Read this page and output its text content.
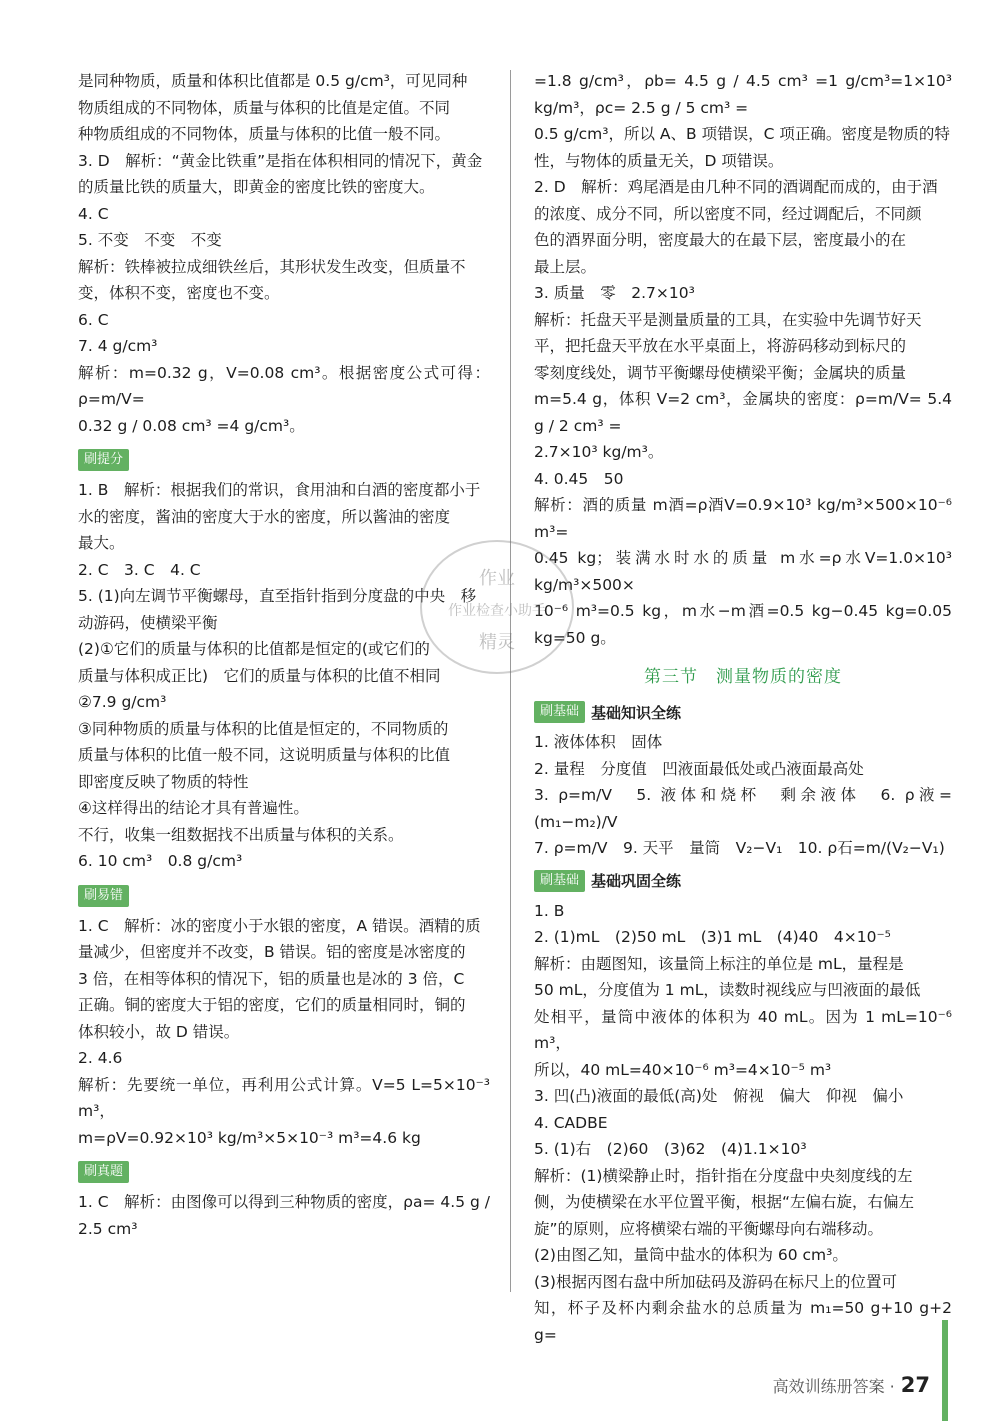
是同种物质，质量和体积比值都是 0.5 g/cm³，可见同种

物质组成的不同物体，质量与体积的比值是定值。不同

种物质组成的不同物体，质量与体积的比值一般不同。

3. D　解析：“黄金比铁重”是指在体积相同的情况下，黄金

的质量比铁的质量大，即黄金的密度比铁的密度大。

4. C

5. 不变　不变　不变

解析：铁棒被拉成细铁丝后，其形状发生改变，但质量不

变，体积不变，密度也不变。

6. C

7. 4 g/cm³

解析：m=0.32 g，V=0.08 cm³。根据密度公式可得：ρ=m/V=

0.32 g / 0.08 cm³ =4 g/cm³。

刷提分

1. B　解析：根据我们的常识，食用油和白酒的密度都小于

水的密度，酱油的密度大于水的密度，所以酱油的密度

最大。

2. C　3. C　4. C

5. (1)向左调节平衡螺母，直至指针指到分度盘的中央　移

动游码，使横梁平衡

(2)①它们的质量与体积的比值都是恒定的(或它们的

质量与体积成正比)　它们的质量与体积的比值不相同

②7.9 g/cm³

③同种物质的质量与体积的比值是恒定的，不同物质的

质量与体积的比值一般不同，这说明质量与体积的比值

即密度反映了物质的特性

④这样得出的结论才具有普遍性。

不行，收集一组数据找不出质量与体积的关系。

6. 10 cm³　0.8 g/cm³

刷易错

1. C　解析：冰的密度小于水银的密度，A 错误。酒精的质

量减少，但密度并不改变，B 错误。铝的密度是冰密度的

3 倍，在相等体积的情况下，铝的质量也是冰的 3 倍，C

正确。铜的密度大于铝的密度，它们的质量相同时，铜的

体积较小，故 D 错误。

2. 4.6

解析：先要统一单位，再利用公式计算。V=5 L=5×10⁻³ m³，

m=ρV=0.92×10³ kg/m³×5×10⁻³ m³=4.6 kg

刷真题

1. C　解析：由图像可以得到三种物质的密度，ρa= 4.5 g / 2.5 cm³

=1.8 g/cm³，ρb= 4.5 g / 4.5 cm³ =1 g/cm³=1×10³ kg/m³，ρc= 2.5 g / 5 cm³ =

0.5 g/cm³，所以 A、B 项错误，C 项正确。密度是物质的特

性，与物体的质量无关，D 项错误。

2. D　解析：鸡尾酒是由几种不同的酒调配而成的，由于酒

的浓度、成分不同，所以密度不同，经过调配后，不同颜

色的酒界面分明，密度最大的在最下层，密度最小的在

最上层。

3. 质量　零　2.7×10³

解析：托盘天平是测量质量的工具，在实验中先调节好天

平，把托盘天平放在水平桌面上，将游码移动到标尺的

零刻度线处，调节平衡螺母使横梁平衡；金属块的质量

m=5.4 g，体积 V=2 cm³，金属块的密度：ρ=m/V= 5.4 g / 2 cm³ =

2.7×10³ kg/m³。

4. 0.45　50

解析：酒的质量 m酒=ρ酒V=0.9×10³ kg/m³×500×10⁻⁶ m³=

0.45 kg；装满水时水的质量 m水=ρ水V=1.0×10³ kg/m³×500×

10⁻⁶ m³=0.5 kg，m水−m酒=0.5 kg−0.45 kg=0.05 kg=50 g。

第三节　测量物质的密度
刷基础 基础知识全练

1. 液体体积　固体

2. 量程　分度值　凹液面最低处或凸液面最高处

3. ρ=m/V　5. 液体和烧杯　剩余液体　6. ρ液=(m₁−m₂)/V

7. ρ=m/V　9. 天平　量筒　V₂−V₁　10. ρ石=m/(V₂−V₁)

刷基础 基础巩固全练

1. B

2. (1)mL　(2)50 mL　(3)1 mL　(4)40　4×10⁻⁵

解析：由题图知，该量筒上标注的单位是 mL，量程是

50 mL，分度值为 1 mL，读数时视线应与凹液面的最低

处相平，量筒中液体的体积为 40 mL。因为 1 mL=10⁻⁶ m³，

所以，40 mL=40×10⁻⁶ m³=4×10⁻⁵ m³

3. 凹(凸)液面的最低(高)处　俯视　偏大　仰视　偏小

4. CADBE

5. (1)右　(2)60　(3)62　(4)1.1×10³

解析：(1)横梁静止时，指针指在分度盘中央刻度线的左

侧，为使横梁在水平位置平衡，根据“左偏右旋，右偏左

旋”的原则，应将横梁右端的平衡螺母向右端移动。

(2)由图乙知，量筒中盐水的体积为 60 cm³。

(3)根据丙图右盘中所加砝码及游码在标尺上的位置可

知，杯子及杯内剩余盐水的总质量为 m₁=50 g+10 g+2 g=

作业
作业检查小助手
精灵
高效训练册答案 · 27
